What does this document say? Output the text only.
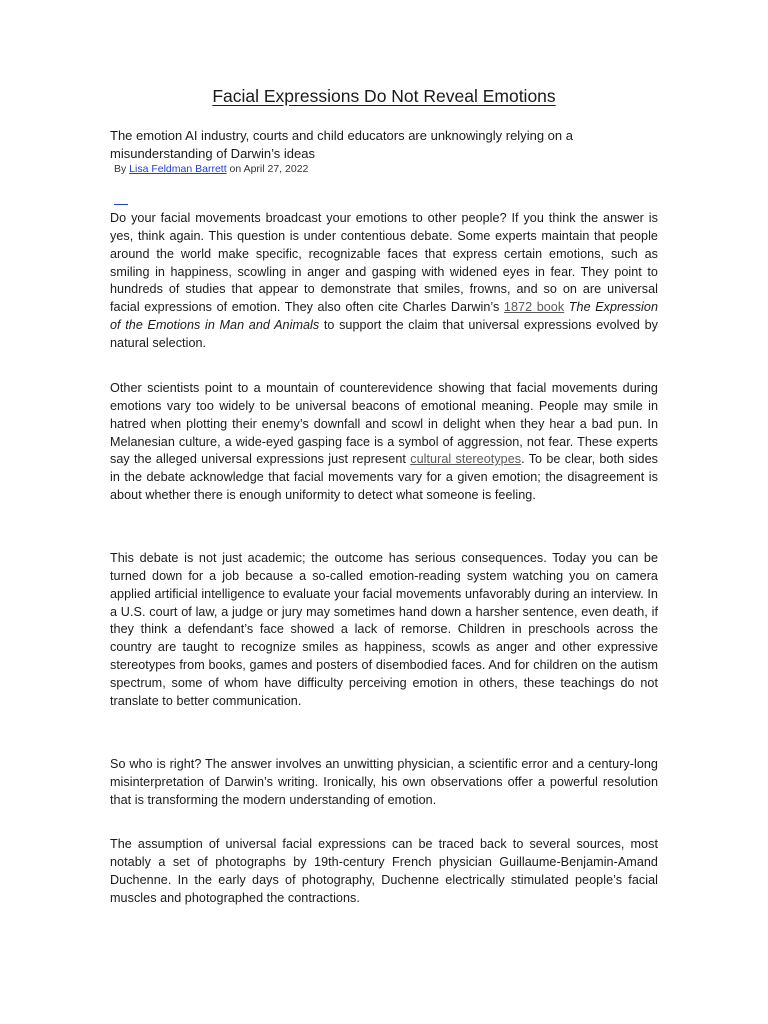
Facial Expressions Do Not Reveal Emotions

The emotion AI industry, courts and child educators are unknowingly relying on a misunderstanding of Darwin’s ideas

By Lisa Feldman Barrett on April 27, 2022

Do your facial movements broadcast your emotions to other people? If you think the answer is yes, think again. This question is under contentious debate. Some experts maintain that people around the world make specific, recognizable faces that express certain emotions, such as smiling in happiness, scowling in anger and gasping with widened eyes in fear. They point to hundreds of studies that appear to demonstrate that smiles, frowns, and so on are universal facial expressions of emotion. They also often cite Charles Darwin’s 1872 book The Expression of the Emotions in Man and Animals to support the claim that universal expressions evolved by natural selection.

Other scientists point to a mountain of counterevidence showing that facial movements during emotions vary too widely to be universal beacons of emotional meaning. People may smile in hatred when plotting their enemy’s downfall and scowl in delight when they hear a bad pun. In Melanesian culture, a wide-eyed gasping face is a symbol of aggression, not fear. These experts say the alleged universal expressions just represent cultural stereotypes. To be clear, both sides in the debate acknowledge that facial movements vary for a given emotion; the disagreement is about whether there is enough uniformity to detect what someone is feeling.

This debate is not just academic; the outcome has serious consequences. Today you can be turned down for a job because a so-called emotion-reading system watching you on camera applied artificial intelligence to evaluate your facial movements unfavorably during an interview. In a U.S. court of law, a judge or jury may sometimes hand down a harsher sentence, even death, if they think a defendant’s face showed a lack of remorse. Children in preschools across the country are taught to recognize smiles as happiness, scowls as anger and other expressive stereotypes from books, games and posters of disembodied faces. And for children on the autism spectrum, some of whom have difficulty perceiving emotion in others, these teachings do not translate to better communication.

So who is right? The answer involves an unwitting physician, a scientific error and a century-long misinterpretation of Darwin’s writing. Ironically, his own observations offer a powerful resolution that is transforming the modern understanding of emotion.

The assumption of universal facial expressions can be traced back to several sources, most notably a set of photographs by 19th-century French physician Guillaume-Benjamin-Amand Duchenne. In the early days of photography, Duchenne electrically stimulated people’s facial muscles and photographed the contractions.
